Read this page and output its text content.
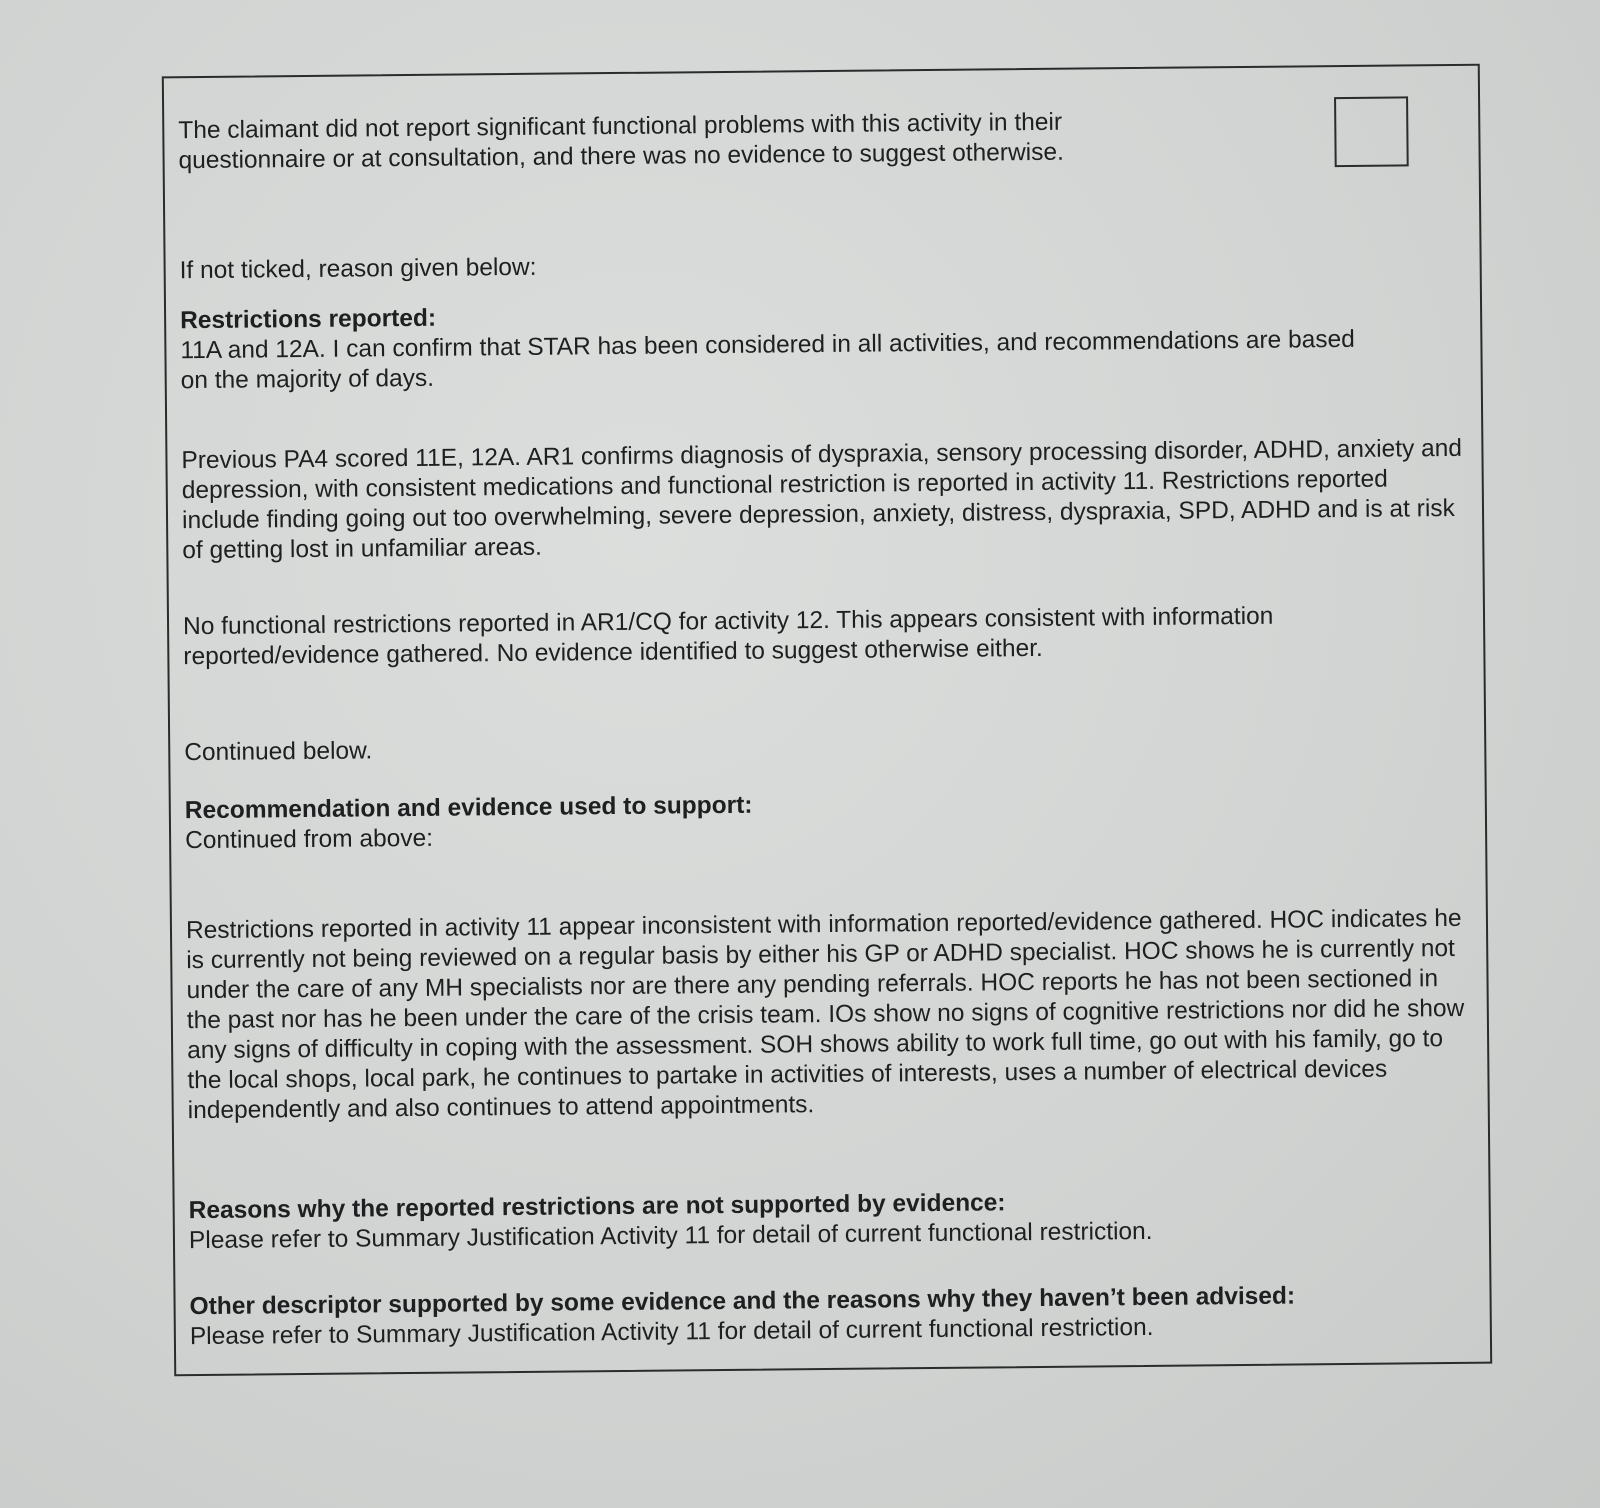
The claimant did not report significant functional problems with this activity in their questionnaire or at consultation, and there was no evidence to suggest otherwise.

If not ticked, reason given below:

Restrictions reported:
11A and 12A. I can confirm that STAR has been considered in all activities, and recommendations are based on the majority of days.

Previous PA4 scored 11E, 12A. AR1 confirms diagnosis of dyspraxia, sensory processing disorder, ADHD, anxiety and depression, with consistent medications and functional restriction is reported in activity 11. Restrictions reported include finding going out too overwhelming, severe depression, anxiety, distress, dyspraxia, SPD, ADHD and is at risk of getting lost in unfamiliar areas.

No functional restrictions reported in AR1/CQ for activity 12. This appears consistent with information reported/evidence gathered. No evidence identified to suggest otherwise either.

Continued below.

Recommendation and evidence used to support:
Continued from above:

Restrictions reported in activity 11 appear inconsistent with information reported/evidence gathered. HOC indicates he is currently not being reviewed on a regular basis by either his GP or ADHD specialist. HOC shows he is currently not under the care of any MH specialists nor are there any pending referrals. HOC reports he has not been sectioned in the past nor has he been under the care of the crisis team. IOs show no signs of cognitive restrictions nor did he show any signs of difficulty in coping with the assessment. SOH shows ability to work full time, go out with his family, go to the local shops, local park, he continues to partake in activities of interests, uses a number of electrical devices independently and also continues to attend appointments.

Reasons why the reported restrictions are not supported by evidence:
Please refer to Summary Justification Activity 11 for detail of current functional restriction.
Other descriptor supported by some evidence and the reasons why they haven’t been advised:
Please refer to Summary Justification Activity 11 for detail of current functional restriction.
